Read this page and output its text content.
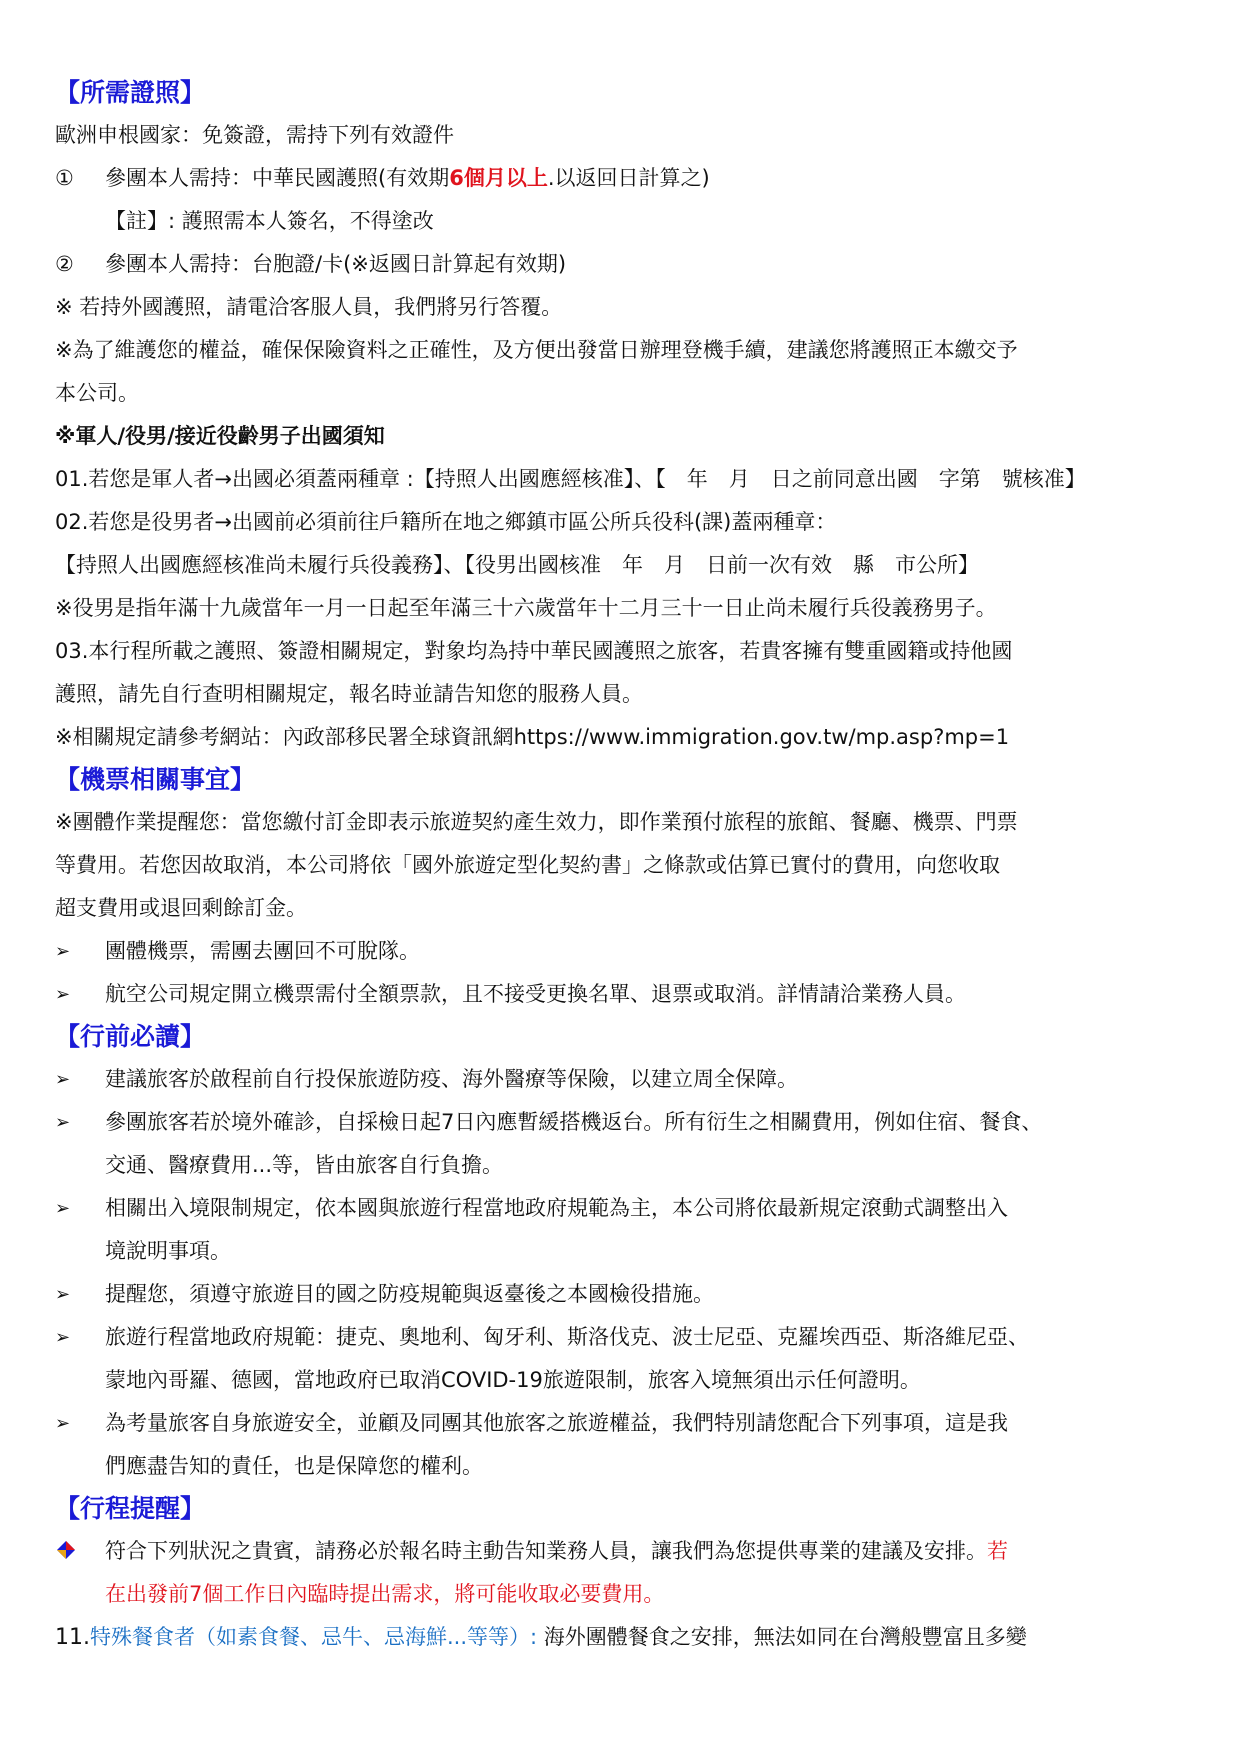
【所需證照】
歐洲申根國家：免簽證，需持下列有效證件
①	參團本人需持：中華民國護照(有效期6個月以上.以返回日計算之)
【註】: 護照需本人簽名，不得塗改
②	參團本人需持：台胞證/卡(※返國日計算起有效期)
※ 若持外國護照，請電洽客服人員，我們將另行答覆。
※為了維護您的權益，確保保險資料之正確性，及方便出發當日辦理登機手續，建議您將護照正本繳交予
本公司。
※軍人/役男/接近役齡男子出國須知
01.若您是軍人者→出國必須蓋兩種章 :【持照人出國應經核准】、【　年　月　日之前同意出國　字第　號核准】
02.若您是役男者→出國前必須前往戶籍所在地之鄉鎮市區公所兵役科(課)蓋兩種章：
【持照人出國應經核准尚未履行兵役義務】、【役男出國核准　年　月　日前一次有效　縣　市公所】
※役男是指年滿十九歲當年一月一日起至年滿三十六歲當年十二月三十一日止尚未履行兵役義務男子。
03.本行程所載之護照、簽證相關規定，對象均為持中華民國護照之旅客，若貴客擁有雙重國籍或持他國
護照，請先自行查明相關規定，報名時並請告知您的服務人員。
※相關規定請參考網站：內政部移民署全球資訊網https://www.immigration.gov.tw/mp.asp?mp=1
【機票相關事宜】
※團體作業提醒您：當您繳付訂金即表示旅遊契約產生效力，即作業預付旅程的旅館、餐廳、機票、門票
等費用。若您因故取消，本公司將依「國外旅遊定型化契約書」之條款或估算已實付的費用，向您收取
超支費用或退回剩餘訂金。
➢	團體機票，需團去團回不可脫隊。
➢	航空公司規定開立機票需付全額票款，且不接受更換名單、退票或取消。詳情請洽業務人員。
【行前必讀】
➢	建議旅客於啟程前自行投保旅遊防疫、海外醫療等保險，以建立周全保障。
➢	參團旅客若於境外確診，自採檢日起7日內應暫緩搭機返台。所有衍生之相關費用，例如住宿、餐食、
交通、醫療費用...等，皆由旅客自行負擔。
➢	相關出入境限制規定，依本國與旅遊行程當地政府規範為主，本公司將依最新規定滾動式調整出入
境說明事項。
➢	提醒您，須遵守旅遊目的國之防疫規範與返臺後之本國檢役措施。
➢	旅遊行程當地政府規範：捷克、奧地利、匈牙利、斯洛伐克、波士尼亞、克羅埃西亞、斯洛維尼亞、
蒙地內哥羅、德國，當地政府已取消COVID-19旅遊限制，旅客入境無須出示任何證明。
➢	為考量旅客自身旅遊安全，並顧及同團其他旅客之旅遊權益，我們特別請您配合下列事項，這是我
們應盡告知的責任，也是保障您的權利。
【行程提醒】
符合下列狀況之貴賓，請務必於報名時主動告知業務人員，讓我們為您提供專業的建議及安排。若
在出發前7個工作日內臨時提出需求，將可能收取必要費用。
11.特殊餐食者（如素食餐、忌牛、忌海鮮...等等）: 海外團體餐食之安排，無法如同在台灣般豐富且多變
